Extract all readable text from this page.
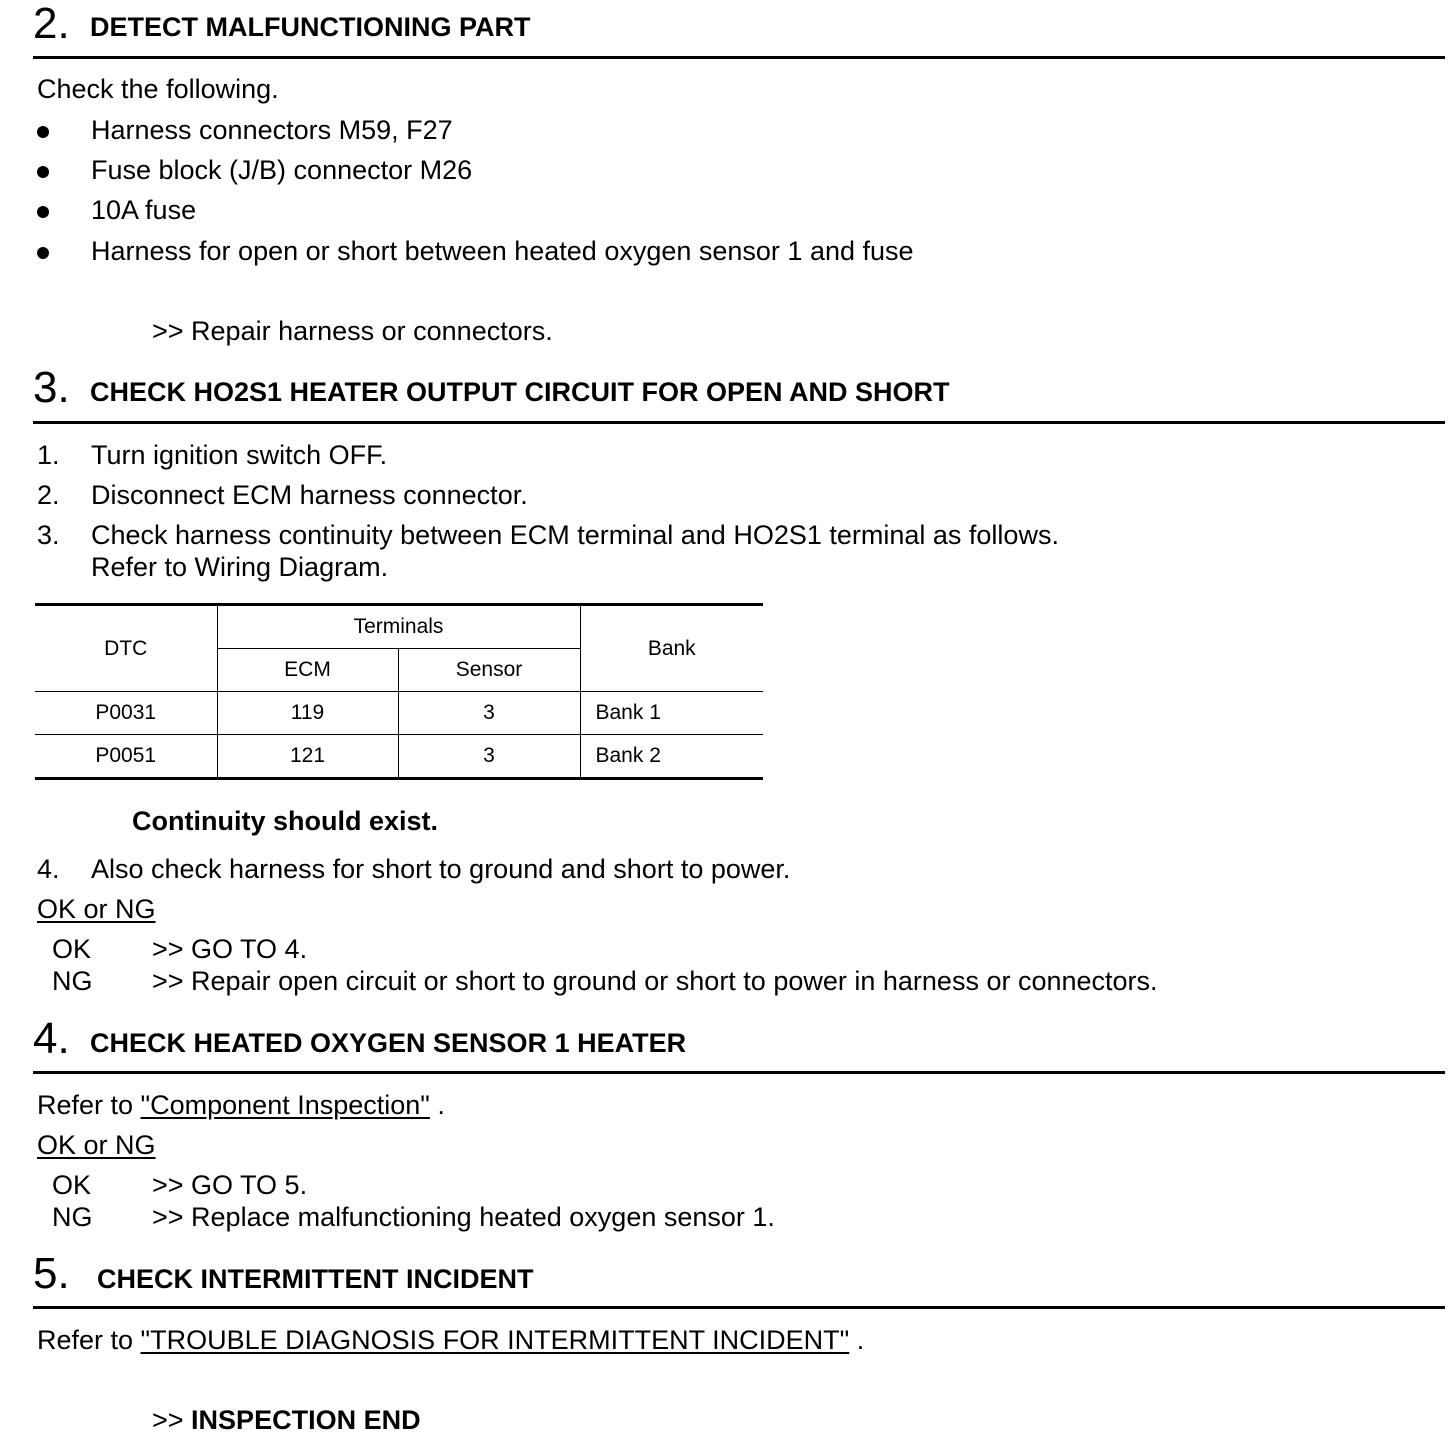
2. DETECT MALFUNCTIONING PART
Check the following.
Harness connectors M59, F27
Fuse block (J/B) connector M26
10A fuse
Harness for open or short between heated oxygen sensor 1 and fuse
>> Repair harness or connectors.
3. CHECK HO2S1 HEATER OUTPUT CIRCUIT FOR OPEN AND SHORT
1. Turn ignition switch OFF.
2. Disconnect ECM harness connector.
3. Check harness continuity between ECM terminal and HO2S1 terminal as follows.
Refer to Wiring Diagram.
DTC	Terminals		Bank
	ECM	Sensor	
P0031	119	3	Bank 1
P0051	121	3	Bank 2
Continuity should exist.
4. Also check harness for short to ground and short to power.
OK or NG
OK >> GO TO 4.
NG >> Repair open circuit or short to ground or short to power in harness or connectors.
4. CHECK HEATED OXYGEN SENSOR 1 HEATER
Refer to "Component Inspection" .
OK or NG
OK >> GO TO 5.
NG >> Replace malfunctioning heated oxygen sensor 1.
5. CHECK INTERMITTENT INCIDENT
Refer to "TROUBLE DIAGNOSIS FOR INTERMITTENT INCIDENT" .
>> INSPECTION END
